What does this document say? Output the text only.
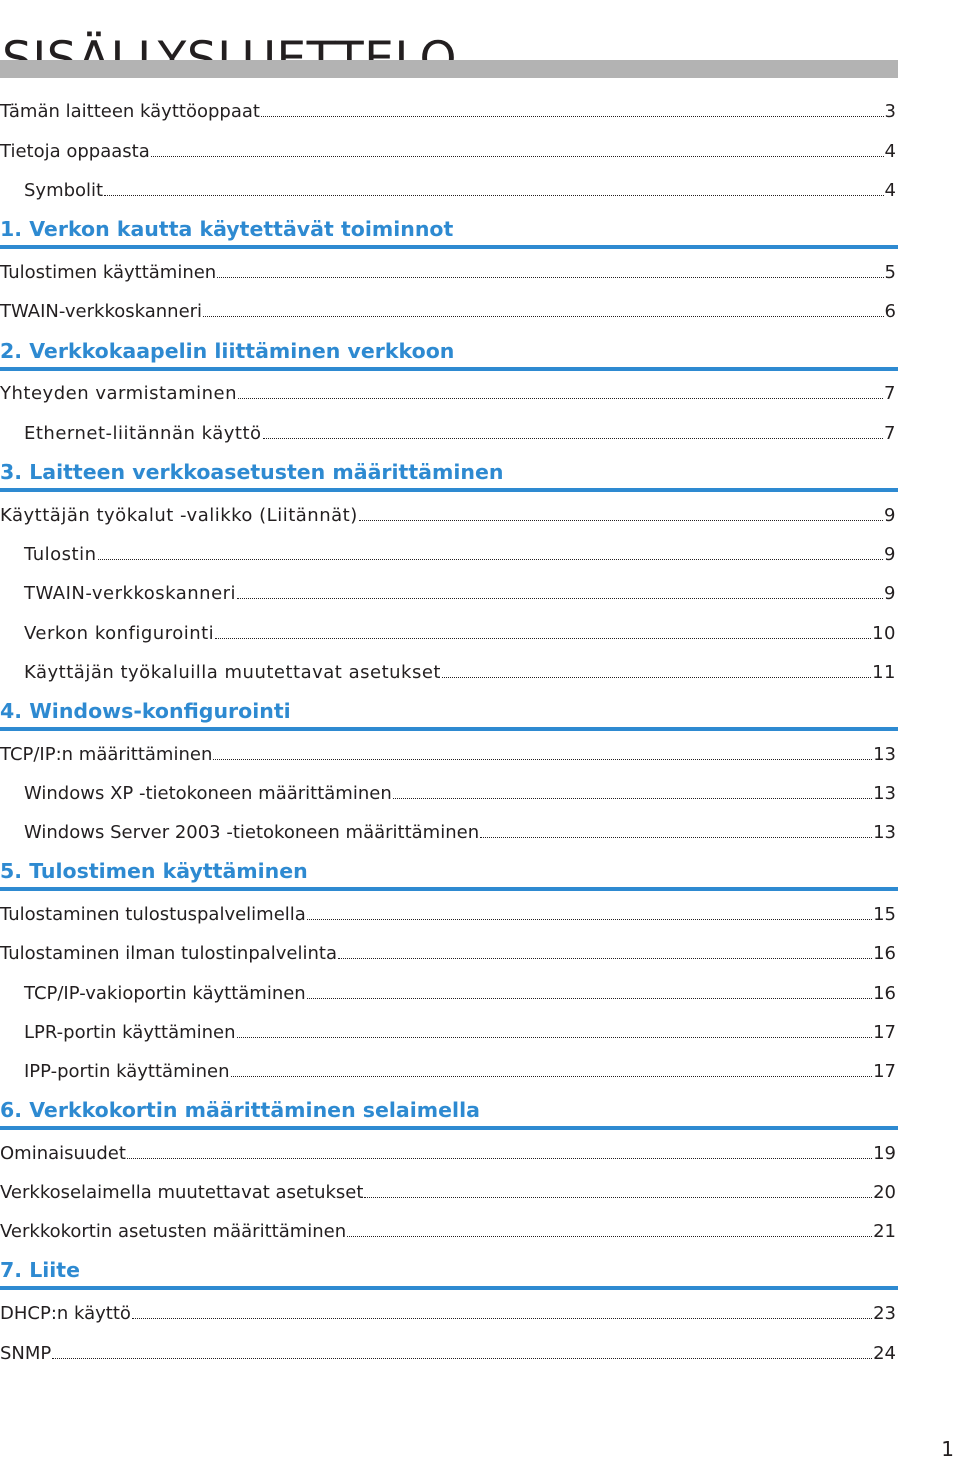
Tämän laitteen käyttöoppaat	3
Tietoja oppaasta	4
Symbolit	4
1. Verkon kautta käytettävät toiminnot
Tulostimen käyttäminen	5
TWAIN-verkkoskanneri	6
2. Verkkokaapelin liittäminen verkkoon
Yhteyden varmistaminen	7
Ethernet-liitännän käyttö	7
3. Laitteen verkkoasetusten määrittäminen
Käyttäjän työkalut -valikko (Liitännät)	9
Tulostin	9
TWAIN-verkkoskanneri	9
Verkon konfigurointi	10
Käyttäjän työkaluilla muutettavat asetukset	11
4. Windows-konfigurointi
TCP/IP:n määrittäminen	13
Windows XP -tietokoneen määrittäminen	13
Windows Server 2003 -tietokoneen määrittäminen	13
5. Tulostimen käyttäminen
Tulostaminen tulostuspalvelimella	15
Tulostaminen ilman tulostinpalvelinta	16
TCP/IP-vakioportin käyttäminen	16
LPR-portin käyttäminen	17
IPP-portin käyttäminen	17
6. Verkkokortin määrittäminen selaimella
Ominaisuudet	19
Verkkoselaimella muutettavat asetukset	20
Verkkokortin asetusten määrittäminen	21
7. Liite
DHCP:n käyttö	23
SNMP	24
1
